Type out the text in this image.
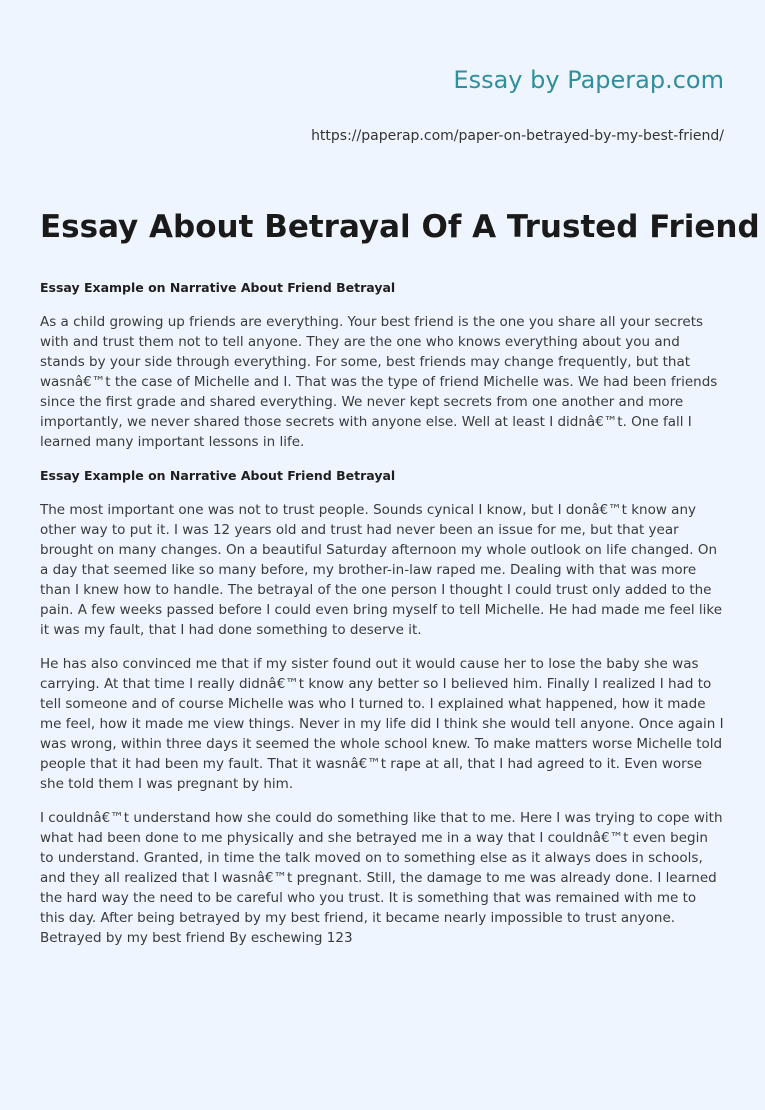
Essay by Paperap.com
https://paperap.com/paper-on-betrayed-by-my-best-friend/
Essay About Betrayal Of A Trusted Friend
Essay Example on Narrative About Friend Betrayal

As a child growing up friends are everything. Your best friend is the one you share all your secrets with and trust them not to tell anyone. They are the one who knows everything about you and stands by your side through everything. For some, best friends may change frequently, but that wasnâ€™t the case of Michelle and I. That was the type of friend Michelle was. We had been friends since the first grade and shared everything. We never kept secrets from one another and more importantly, we never shared those secrets with anyone else. Well at least I didnâ€™t. One fall I learned many important lessons in life.

Essay Example on Narrative About Friend Betrayal

The most important one was not to trust people. Sounds cynical I know, but I donâ€™t know any other way to put it. I was 12 years old and trust had never been an issue for me, but that year brought on many changes. On a beautiful Saturday afternoon my whole outlook on life changed. On a day that seemed like so many before, my brother-in-law raped me. Dealing with that was more than I knew how to handle. The betrayal of the one person I thought I could trust only added to the pain. A few weeks passed before I could even bring myself to tell Michelle. He had made me feel like it was my fault, that I had done something to deserve it.

He has also convinced me that if my sister found out it would cause her to lose the baby she was carrying. At that time I really didnâ€™t know any better so I believed him. Finally I realized I had to tell someone and of course Michelle was who I turned to. I explained what happened, how it made me feel, how it made me view things. Never in my life did I think she would tell anyone. Once again I was wrong, within three days it seemed the whole school knew. To make matters worse Michelle told people that it had been my fault. That it wasnâ€™t rape at all, that I had agreed to it. Even worse she told them I was pregnant by him.

I couldnâ€™t understand how she could do something like that to me. Here I was trying to cope with what had been done to me physically and she betrayed me in a way that I couldnâ€™t even begin to understand. Granted, in time the talk moved on to something else as it always does in schools, and they all realized that I wasnâ€™t pregnant. Still, the damage to me was already done. I learned the hard way the need to be careful who you trust. It is something that was remained with me to this day. After being betrayed by my best friend, it became nearly impossible to trust anyone. Betrayed by my best friend By eschewing 123
